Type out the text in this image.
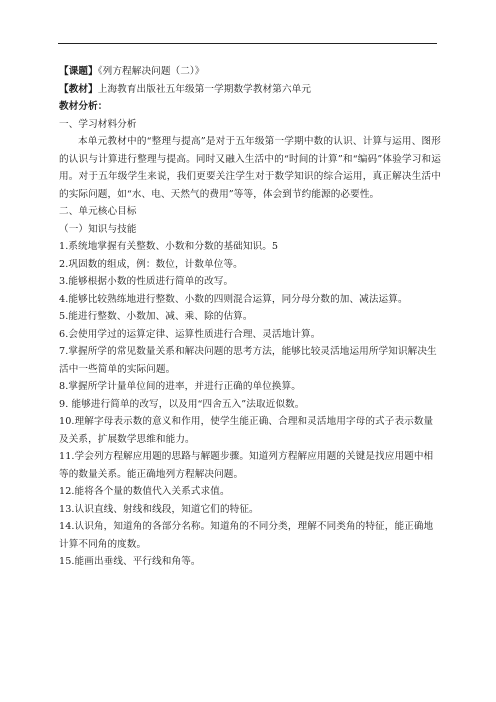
【课题】《列方程解决问题（二）》
【教材】上海教育出版社五年级第一学期数学教材第六单元
教材分析：
一、学习材料分析
本单元教材中的“整理与提高”是对于五年级第一学期中数的认识、计算与运用、图形的认识与计算进行整理与提高。同时又融入生活中的“时间的计算”和“编码”体验学习和运用。对于五年级学生来说，我们更要关注学生对于数学知识的综合运用，真正解决生活中的实际问题，如“水、电、天然气的费用”等等，体会到节约能源的必要性。
二、单元核心目标
（一）知识与技能
1.系统地掌握有关整数、小数和分数的基础知识。5
2.巩固数的组成，例：数位，计数单位等。
3.能够根据小数的性质进行简单的改写。
4.能够比较熟练地进行整数、小数的四则混合运算，同分母分数的加、减法运算。
5.能进行整数、小数加、减、乘、除的估算。
6.会使用学过的运算定律、运算性质进行合理、灵活地计算。
7.掌握所学的常见数量关系和解决问题的思考方法，能够比较灵活地运用所学知识解决生活中一些简单的实际问题。
8.掌握所学计量单位间的进率，并进行正确的单位换算。
9. 能够进行简单的改写，以及用“四舍五入”法取近似数。
10.理解字母表示数的意义和作用，使学生能正确、合理和灵活地用字母的式子表示数量及关系，扩展数学思维和能力。
11.学会列方程解应用题的思路与解题步骤。知道列方程解应用题的关键是找应用题中相等的数量关系。能正确地列方程解决问题。
12.能将各个量的数值代入关系式求值。
13.认识直线、射线和线段，知道它们的特征。
14.认识角，知道角的各部分名称。知道角的不同分类，理解不同类角的特征，能正确地计算不同角的度数。
15.能画出垂线、平行线和角等。
